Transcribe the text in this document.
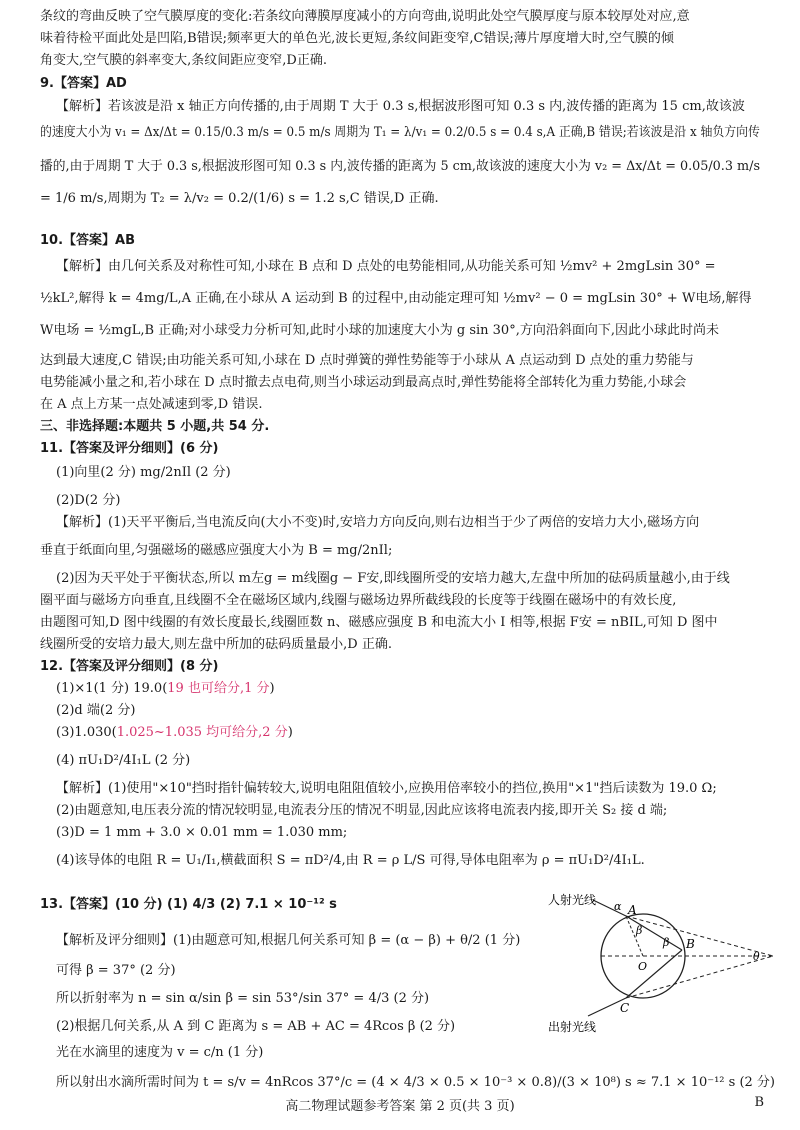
条纹的弯曲反映了空气膜厚度的变化:若条纹向薄膜厚度减小的方向弯曲,说明此处空气膜厚度与原本较厚处对应,意
味着待检平面此处是凹陷,B错误;频率更大的单色光,波长更短,条纹间距变窄,C错误;薄片厚度增大时,空气膜的倾
角变大,空气膜的斜率变大,条纹间距应变窄,D正确.
9.【答案】AD
【解析】若该波是沿 x 轴正方向传播的,由于周期 T 大于 0.3 s,根据波形图可知 0.3 s 内,波传播的距离为 15 cm,故该波
的速度大小为 v₁ = Δx/Δt = 0.15/0.3 m/s = 0.5 m/s 周期为 T₁ = λ/v₁ = 0.2/0.5 s = 0.4 s,A 正确,B 错误;若该波是沿 x 轴负方向传
播的,由于周期 T 大于 0.3 s,根据波形图可知 0.3 s 内,波传播的距离为 5 cm,故该波的速度大小为 v₂ = Δx/Δt = 0.05/0.3 m/s
= 1/6 m/s,周期为 T₂ = λ/v₂ = 0.2/(1/6) s = 1.2 s,C 错误,D 正确.
10.【答案】AB
【解析】由几何关系及对称性可知,小球在 B 点和 D 点处的电势能相同,从功能关系可知 ½mv² + 2mgLsin 30° =
½kL²,解得 k = 4mg/L,A 正确,在小球从 A 运动到 B 的过程中,由动能定理可知 ½mv² − 0 = mgLsin 30° + W电场,解得
W电场 = ½mgL,B 正确;对小球受力分析可知,此时小球的加速度大小为 g sin 30°,方向沿斜面向下,因此小球此时尚未
达到最大速度,C 错误;由功能关系可知,小球在 D 点时弹簧的弹性势能等于小球从 A 点运动到 D 点处的重力势能与
电势能减小量之和,若小球在 D 点时撤去点电荷,则当小球运动到最高点时,弹性势能将全部转化为重力势能,小球会
在 A 点上方某一点处减速到零,D 错误.
三、非选择题:本题共 5 小题,共 54 分.
11.【答案及评分细则】(6 分)
(1)向里(2 分) mg/2nIl (2 分)
(2)D(2 分)
【解析】(1)天平平衡后,当电流反向(大小不变)时,安培力方向反向,则右边相当于少了两倍的安培力大小,磁场方向
垂直于纸面向里,匀强磁场的磁感应强度大小为 B = mg/2nIl;
(2)因为天平处于平衡状态,所以 m左g = m线圈g − F安,即线圈所受的安培力越大,左盘中所加的砝码质量越小,由于线
圈平面与磁场方向垂直,且线圈不全在磁场区域内,线圈与磁场边界所截线段的长度等于线圈在磁场中的有效长度,
由题图可知,D 图中线圈的有效长度最长,线圈匝数 n、磁感应强度 B 和电流大小 I 相等,根据 F安 = nBIL,可知 D 图中
线圈所受的安培力最大,则左盘中所加的砝码质量最小,D 正确.
12.【答案及评分细则】(8 分)
(1)×1(1 分) 19.0(19 也可给分,1 分)
(2)d 端(2 分)
(3)1.030(1.025~1.035 均可给分,2 分)
(4) πU₁D²/4I₁L (2 分)
【解析】(1)使用"×10"挡时指针偏转较大,说明电阻阻值较小,应换用倍率较小的挡位,换用"×1"挡后读数为 19.0 Ω;
(2)由题意知,电压表分流的情况较明显,电流表分压的情况不明显,因此应该将电流表内接,即开关 S₂ 接 d 端;
(3)D = 1 mm + 3.0 × 0.01 mm = 1.030 mm;
(4)该导体的电阻 R = U₁/I₁,横截面积 S = πD²/4,由 R = ρ L/S 可得,导体电阻率为 ρ = πU₁D²/4I₁L.
13.【答案】(10 分) (1) 4/3 (2) 7.1 × 10⁻¹² s
【解析及评分细则】(1)由题意可知,根据几何关系可知 β = (α − β) + θ/2 (1 分)
可得 β = 37° (2 分)
所以折射率为 n = sin α/sin β = sin 53°/sin 37° = 4/3 (2 分)
(2)根据几何关系,从 A 到 C 距离为 s = AB + AC = 4Rcos β (2 分)
光在水滴里的速度为 v = c/n (1 分)
所以射出水滴所需时间为 t = s/v = 4nRcos 37°/c = (4 × 4/3 × 0.5 × 10⁻³ × 0.8)/(3 × 10⁸) s ≈ 7.1 × 10⁻¹² s (2 分)
A
B
C
O
α
β
β
θ
人射光线
出射光线
高二物理试题参考答案 第 2 页(共 3 页)	B
